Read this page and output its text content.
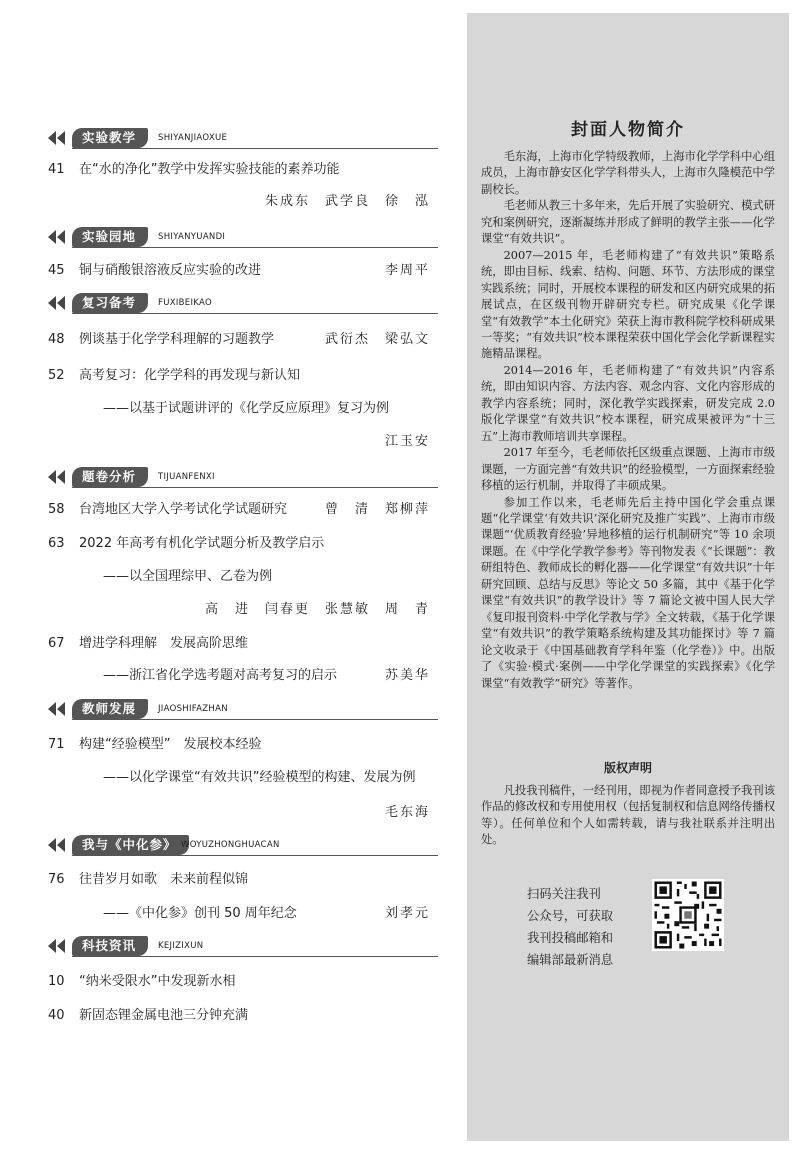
实验教学	SHIYANJIAOXUE
41 在“水的净化”教学中发挥实验技能的素养功能
朱成东　武学良　徐　泓
实验园地	SHIYANYUANDI
45 铜与硝酸银溶液反应实验的改进	李周平
复习备考	FUXIBEIKAO
48 例谈基于化学学科理解的习题教学	武衍杰　梁弘文
52 高考复习：化学学科的再发现与新认知
——以基于试题讲评的《化学反应原理》复习为例
江玉安
题卷分析	TIJUANFENXI
58 台湾地区大学入学考试化学试题研究	曾　清　郑柳萍
63 2022 年高考有机化学试题分析及教学启示
——以全国理综甲、乙卷为例
高　进　闫春更　张慧敏　周　青
67 增进学科理解　发展高阶思维
——浙江省化学选考题对高考复习的启示	苏美华
教师发展	JIAOSHIFAZHAN
71 构建“经验模型”　发展校本经验
——以化学课堂“有效共识”经验模型的构建、发展为例
毛东海
我与《中化参》 WOYUZHONGHUACAN
76 往昔岁月如歌　未来前程似锦
——《中化参》创刊 50 周年纪念	刘孝元
科技资讯	KEJIZIXUN
10 “纳米受限水”中发现新水相
40 新固态锂金属电池三分钟充满
封面人物简介

毛东海，上海市化学特级教师，上海市化学学科中心组成员，上海市静安区化学学科带头人，上海市久隆模范中学副校长。

毛老师从教三十多年来，先后开展了实验研究、模式研究和案例研究，逐渐凝练并形成了鲜明的教学主张——化学课堂“有效共识”。

2007—2015 年，毛老师构建了“有效共识”策略系统，即由目标、线索、结构、问题、环节、方法形成的课堂实践系统；同时，开展校本课程的研发和区内研究成果的拓展试点，在区级刊物开辟研究专栏。研究成果《化学课堂“有效教学”本土化研究》荣获上海市教科院学校科研成果一等奖；“有效共识”校本课程荣获中国化学会化学新课程实施精品课程。

2014—2016 年，毛老师构建了“有效共识”内容系统，即由知识内容、方法内容、观念内容、文化内容形成的教学内容系统；同时，深化教学实践探索，研发完成 2.0 版化学课堂“有效共识”校本课程，研究成果被评为“十三五”上海市教师培训共享课程。

2017 年至今，毛老师依托区级重点课题、上海市市级课题，一方面完善“有效共识”的经验模型，一方面探索经验移植的运行机制，并取得了丰硕成果。

参加工作以来，毛老师先后主持中国化学会重点课题“化学课堂‘有效共识’深化研究及推广实践”、上海市市级课题“‘优质教育经验’异地移植的运行机制研究”等 10 余项课题。在《中学化学教学参考》等刊物发表《“长课题”：教研组特色、教师成长的孵化器——化学课堂“有效共识”十年研究回顾、总结与反思》等论文 50 多篇，其中《基于化学课堂“有效共识”的教学设计》等 7 篇论文被中国人民大学《复印报刊资料·中学化学教与学》全文转载，《基于化学课堂“有效共识”的教学策略系统构建及其功能探讨》等 7 篇论文收录于《中国基础教育学科年鉴（化学卷）》中。出版了《实验·模式·案例——中学化学课堂的实践探索》《化学课堂“有效教学”研究》等著作。

版权声明

凡投我刊稿件，一经刊用，即视为作者同意授予我刊该作品的修改权和专用使用权（包括复制权和信息网络传播权等）。任何单位和个人如需转载，请与我社联系并注明出处。

扫码关注我刊
公众号，可获取
我刊投稿邮箱和
编辑部最新消息
